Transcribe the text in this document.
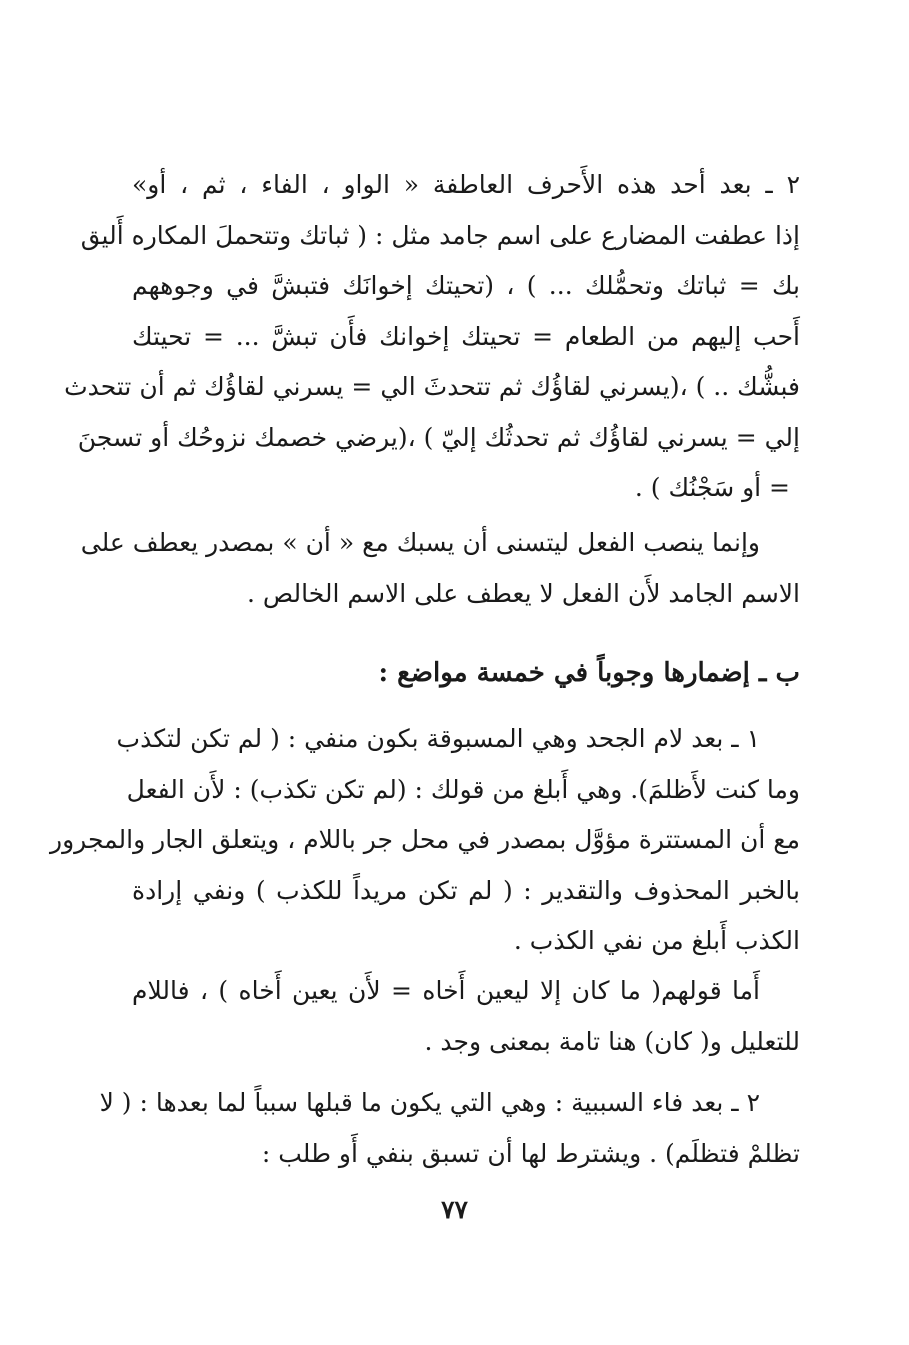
٢ ـ بعد أحد هذه الأَحرف العاطفة « الواو ، الفاء ، ثم ، أو»
إذا عطفت المضارع على اسم جامد مثل : ( ثباتك وتتحملَ المكاره أَليق
بك = ثباتك وتحمُّلك ... ) ، (تحيتك إخوانَك فتبشَّ في وجوههم
أَحب إليهم من الطعام = تحيتك إخوانك فأَن تبشَّ ... = تحيتك
فبشُّك .. ) ،(يسرني لقاؤُك ثم تتحدثَ الي = يسرني لقاؤُك ثم أن تتحدث
إلي = يسرني لقاؤُك ثم تحدثُك إليّ ) ،(يرضي خصمك نزوحُك أو تسجنَ
= أو سَجْنُك ) .
وإنما ينصب الفعل ليتسنى أن يسبك مع « أن » بمصدر يعطف على
الاسم الجامد لأَن الفعل لا يعطف على الاسم الخالص .
ب ـ إضمارها وجوباً في خمسة مواضع :
١ ـ بعد لام الجحد وهي المسبوقة بكون منفي : ( لم تكن لتكذب
وما كنت لأَظلمَ). وهي أَبلغ من قولك : (لم تكن تكذب) : لأَن الفعل
مع أن المستترة مؤوَّل بمصدر في محل جر باللام ، ويتعلق الجار والمجرور
بالخبر المحذوف والتقدير : ( لم تكن مريداً للكذب ) ونفي إرادة
الكذب أَبلغ من نفي الكذب .
أَما قولهم( ما كان إلا ليعين أَخاه = لأَن يعين أَخاه ) ، فاللام
للتعليل و( كان) هنا تامة بمعنى وجد .
٢ ـ بعد فاء السببية : وهي التي يكون ما قبلها سبباً لما بعدها : ( لا
تظلمْ فتظلَم) . ويشترط لها أن تسبق بنفي أَو طلب :
٧٧
